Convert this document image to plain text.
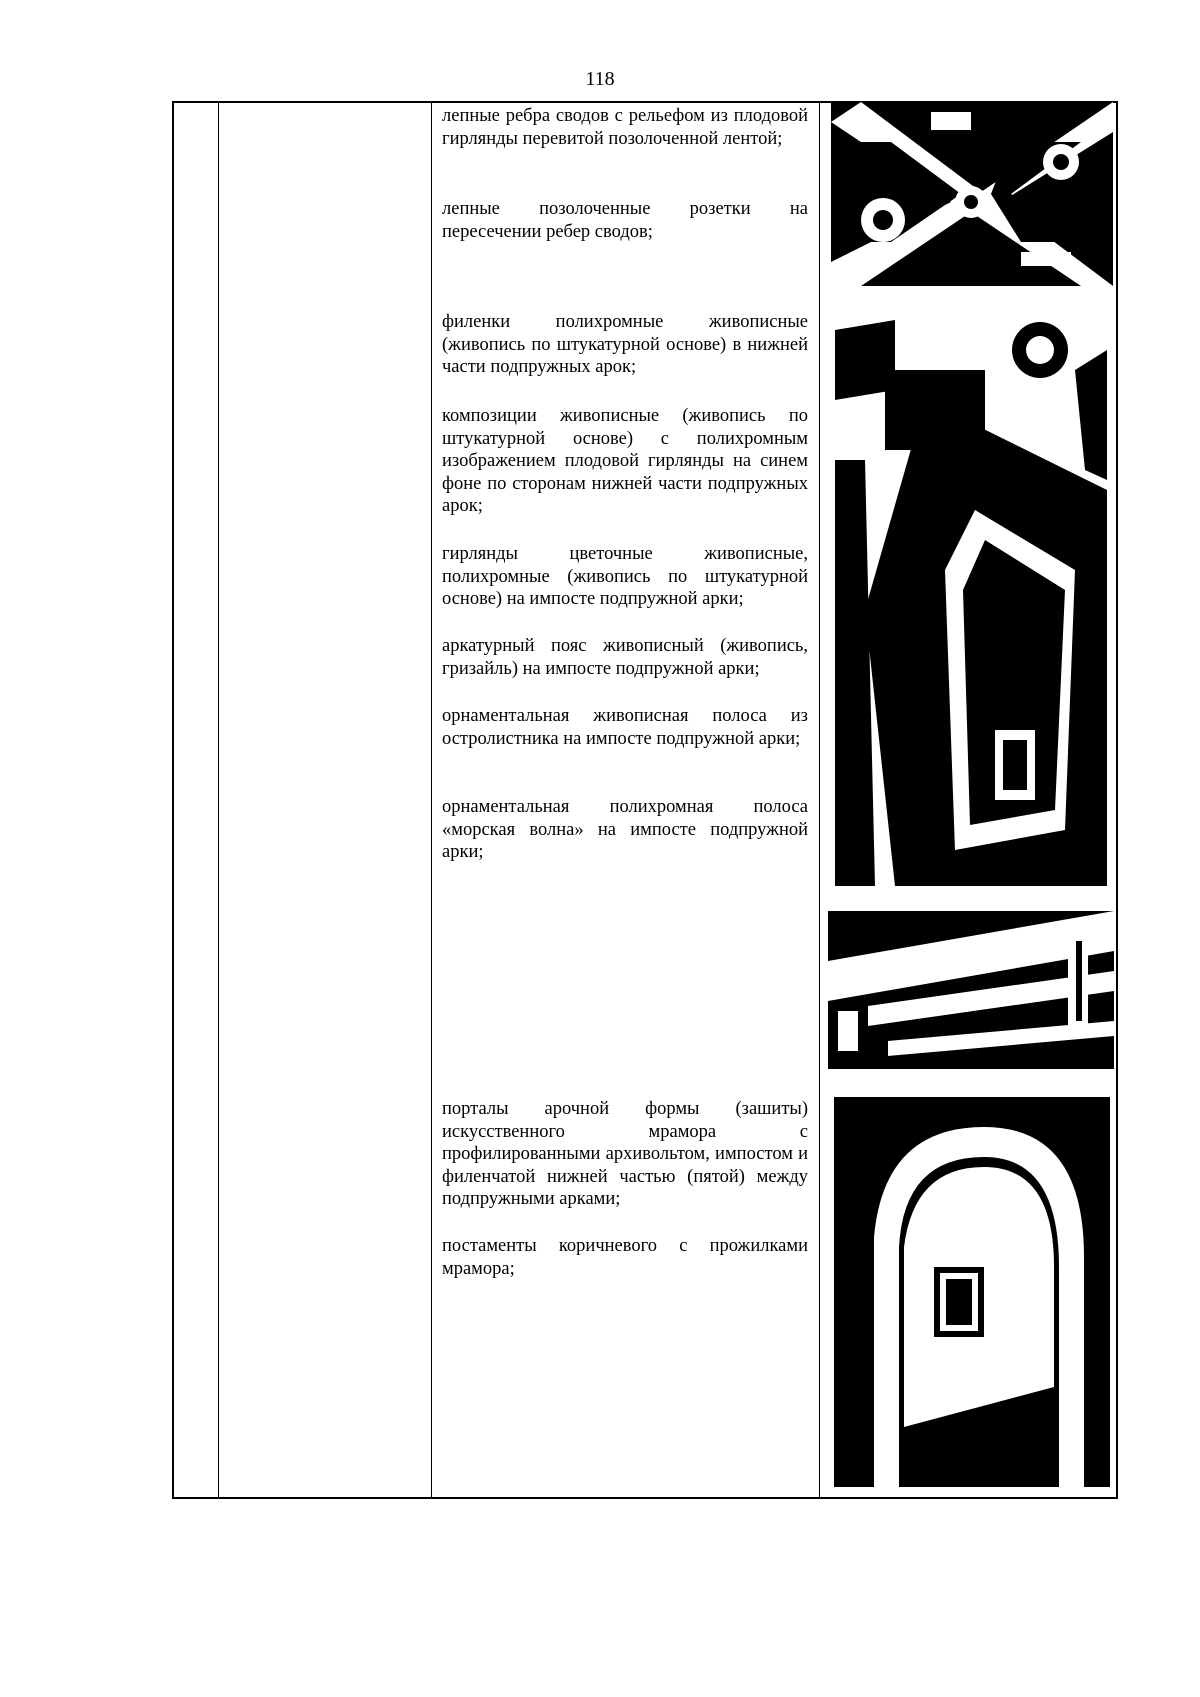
118
лепные ребра сводов с рельефом из плодовой гирлянды перевитой позолоченной лентой;
лепные позолоченные розетки на пересечении ребер сводов;
филенки полихромные живописные (живопись по штукатурной основе) в нижней части подпружных арок;
композиции живописные (живопись по штукатурной основе) с полихромным изображением плодовой гирлянды на синем фоне по сторонам нижней части подпружных арок;
гирлянды цветочные живописные, полихромные (живопись по штукатурной основе) на импосте подпружной арки;
аркатурный пояс живописный (живопись, гризайль) на импосте подпружной арки;
орнаментальная живописная полоса из остролистника на импосте подпружной арки;
орнаментальная полихромная полоса «морская волна» на импосте подпружной арки;
порталы арочной формы (зашиты) искусственного мрамора с профилированными архивольтом, импостом и филенчатой нижней частью (пятой) между подпружными арками;
постаменты коричневого с прожилками мрамора;
